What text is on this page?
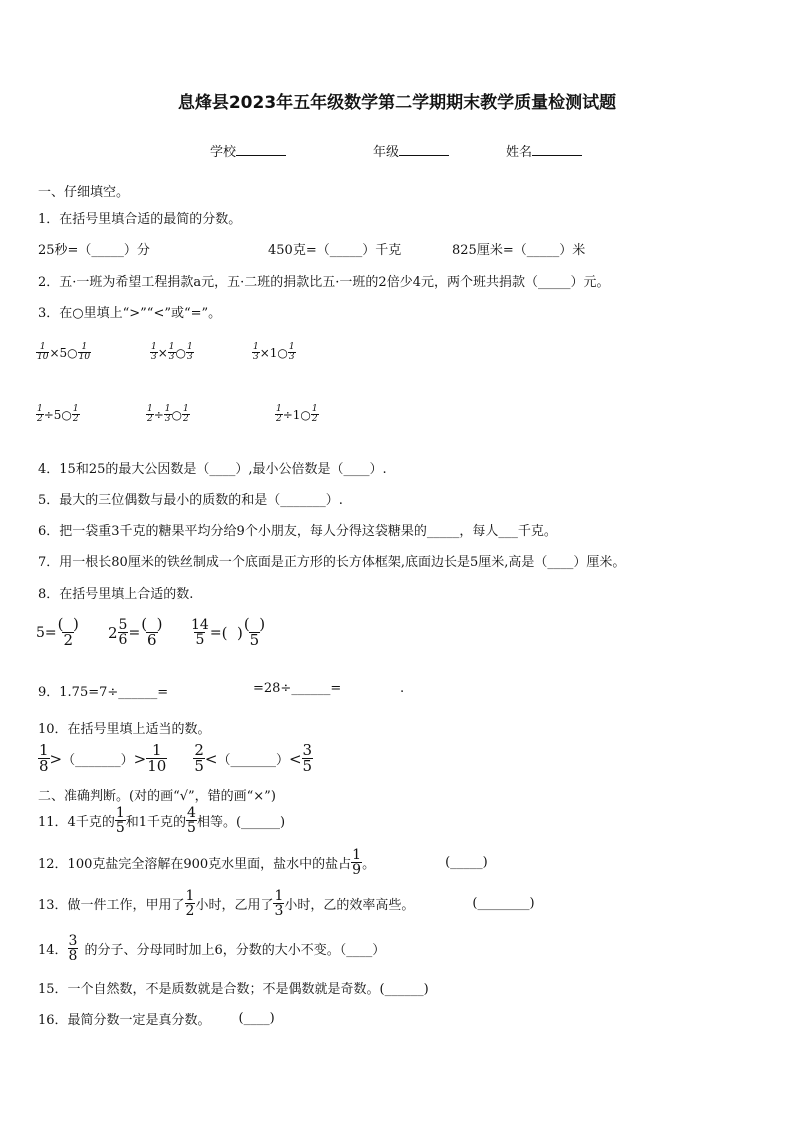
息烽县2023年五年级数学第二学期期末教学质量检测试题
学校	年级	姓名
一、仔细填空。
1．在括号里填合适的最简的分数。
25秒=（_____）分	450克=（_____）千克	825厘米=（_____）米
2．五·一班为希望工程捐款a元，五·二班的捐款比五·一班的2倍少4元，两个班共捐款（_____）元。
3．在○里填上“>”“<”或“=”。
$\frac{1}{10}$ ×5○ $\frac{1}{10}$	$\frac{1}{3} \times \frac{1}{3}$ ○ $\frac{1}{3}$	$\frac{1}{3}$ ×1○ $\frac{1}{3}$
$\frac{1}{2}$ ÷5○ $\frac{1}{2}$	$\frac{1}{2} \div \frac{1}{3}$ ○ $\frac{1}{2}$	$\frac{1}{2}$ ÷1○ $\frac{1}{2}$
4．15和25的最大公因数是（____）,最小公倍数是（____）.
5．最大的三位偶数与最小的质数的和是（_______）.
6．把一袋重3千克的糖果平均分给9个小朋友，每人分得这袋糖果的_____，每人___千克。
7．用一根长80厘米的铁丝制成一个底面是正方形的长方体框架,底面边长是5厘米,高是（____）厘米。
8．在括号里填上合适的数.
$5= \frac{( )}{2} 2 \frac{5}{6} = \frac{( )}{6} \frac{14}{5}$ = ( ) $\frac{( )}{5}$
9．1.75=7÷______=	=28÷______=	.
10．在括号里填上适当的数。
$\frac{1}{8}$ > （_______） > $\frac{1}{10} \frac{2}{5}$ < （_______） < $\frac{3}{5}$
二、准确判断。(对的画“√”，错的画“×”)
11．4千克的 $\frac{1}{5}$ 和1千克的 $\frac{4}{5}$ 相等。(______)
12．100克盐完全溶解在900克水里面，盐水中的盐占 $\frac{1}{9}$ 。	(_____)
13．做一件工作，甲用了 $\frac{1}{2}$ 小时，乙用了 $\frac{1}{3}$ 小时，乙的效率高些。	(________)
14． $\frac{3}{8}$ 的分子、分母同时加上6，分数的大小不变。（____）
15．一个自然数，不是质数就是合数；不是偶数就是奇数。(______)
16．最简分数一定是真分数。 (____)
